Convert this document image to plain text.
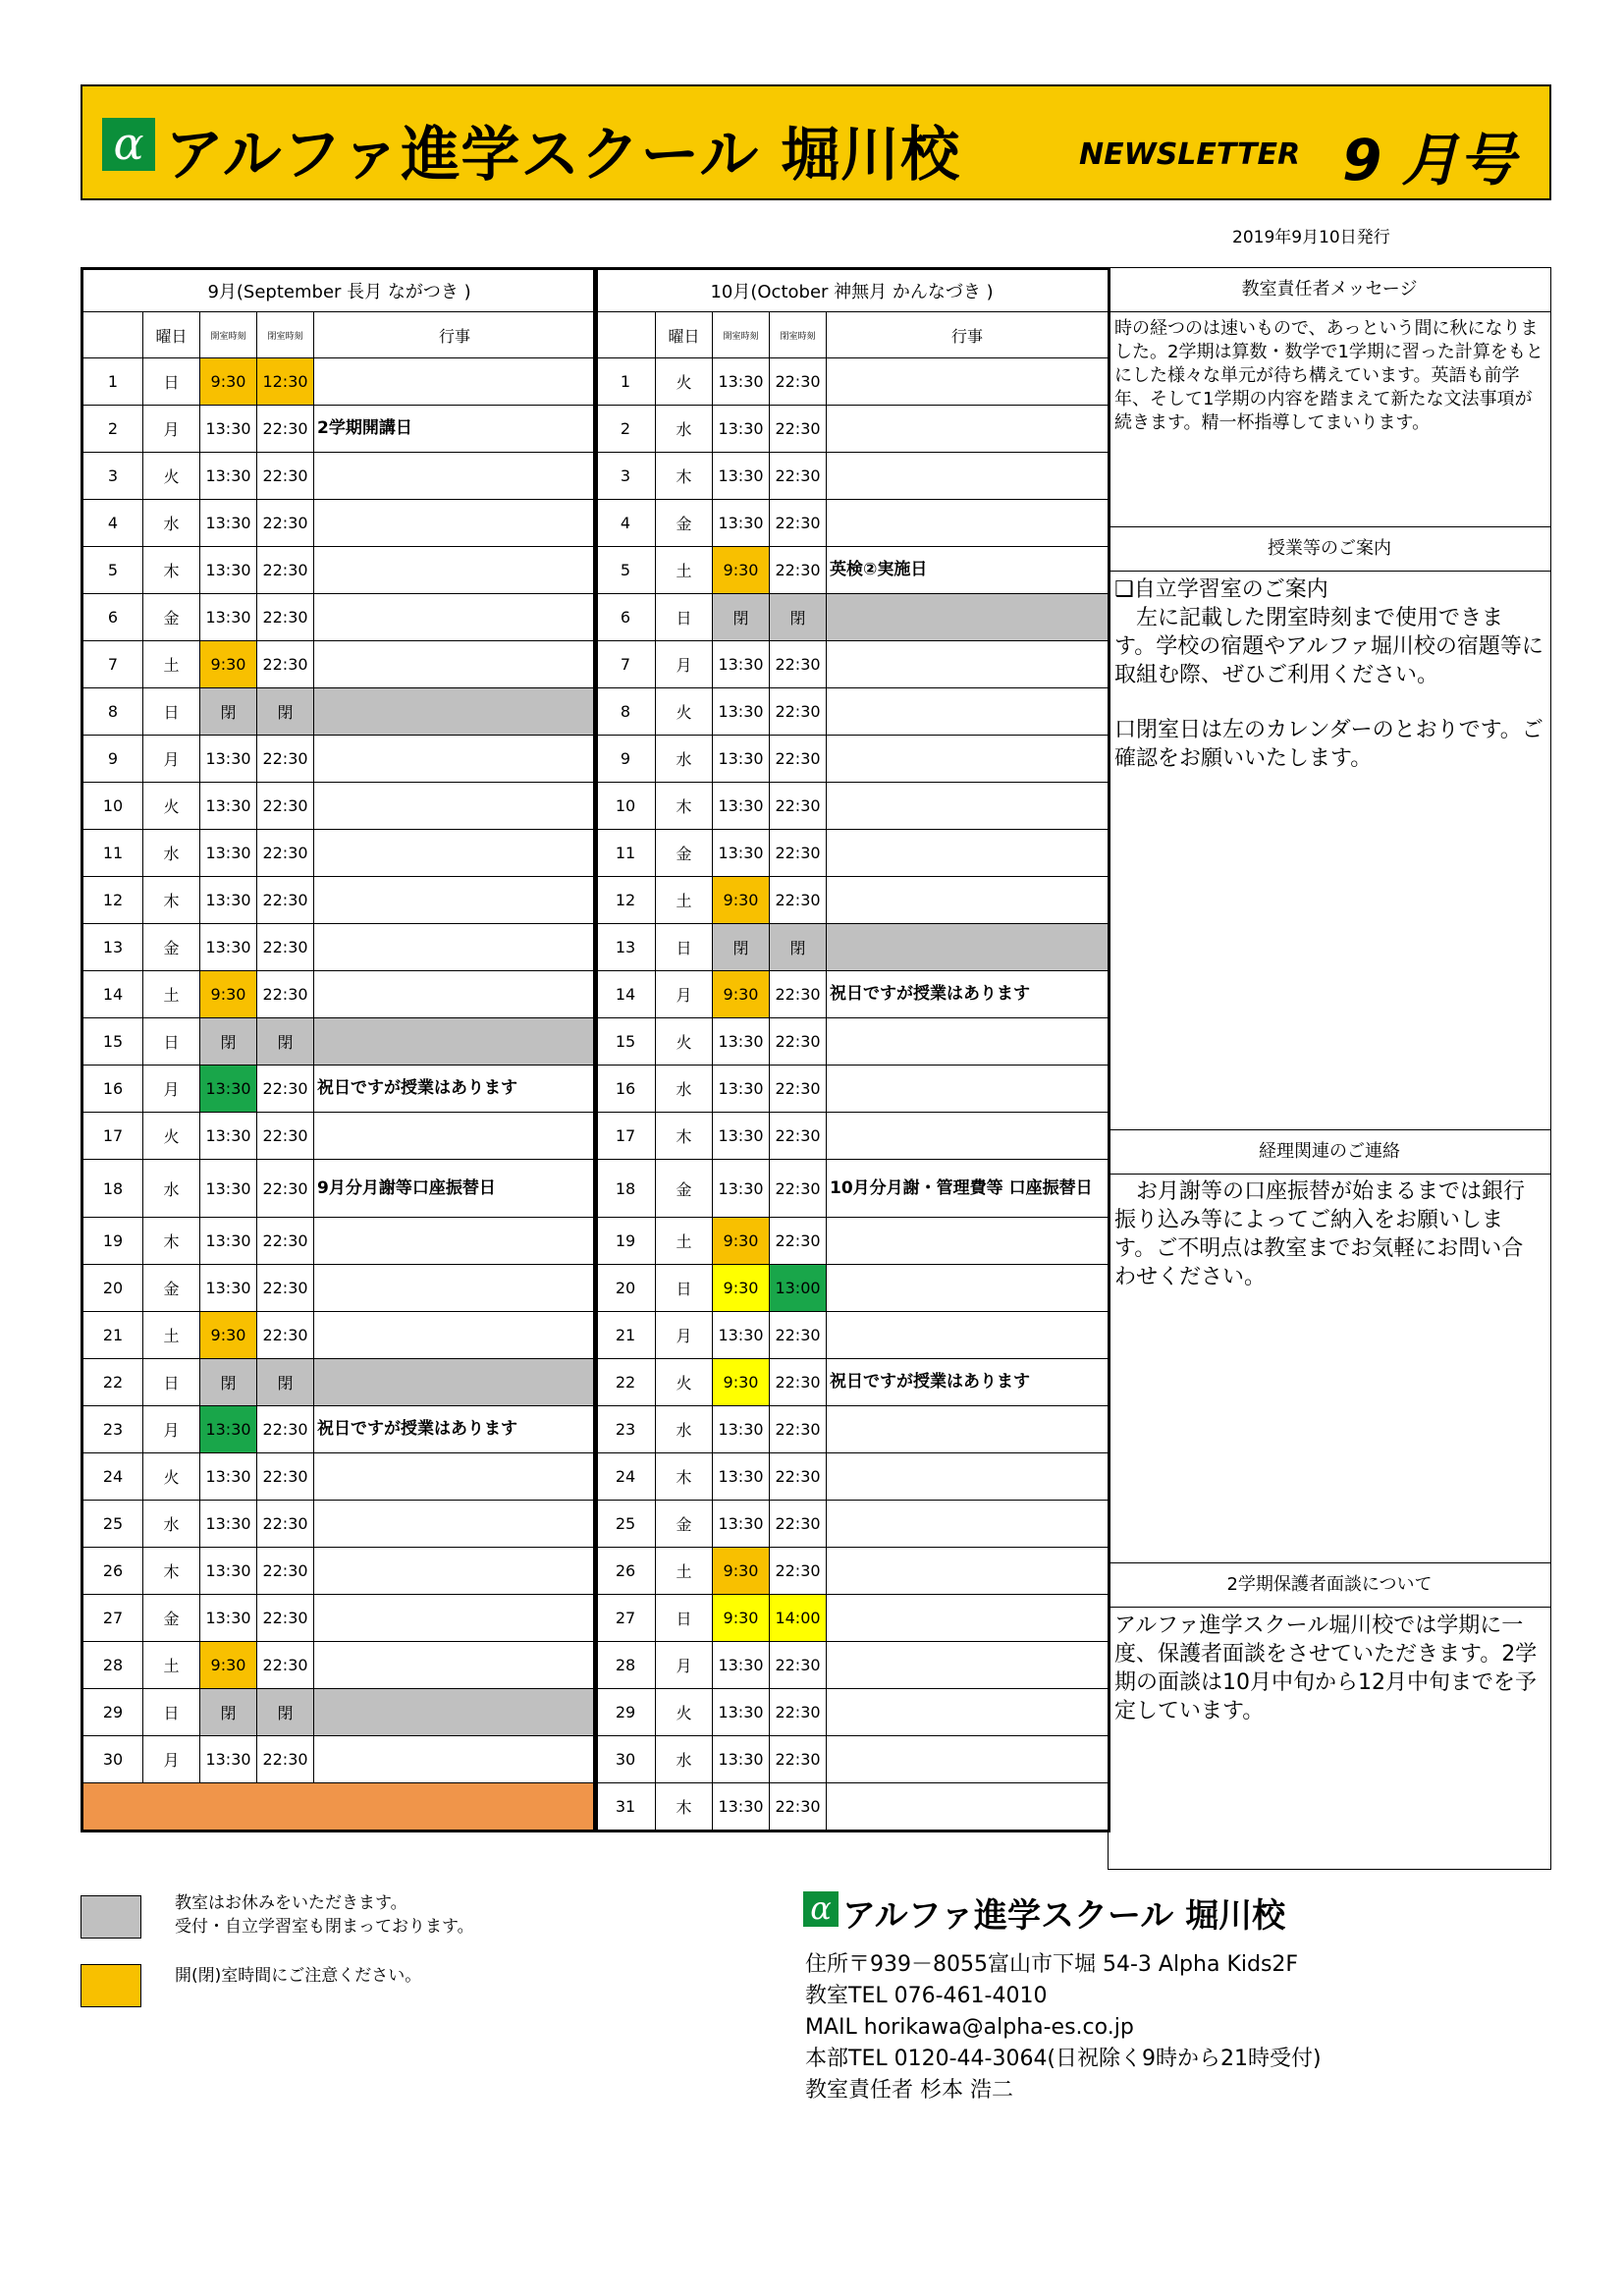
α アルファ進学スクール 堀川校	NEWSLETTER 9 月号
2019年9月10日発行
9月(September 長月 ながつき )				
	曜日	開室時刻	閉室時刻	行事
1	日	9:30	12:30	
2	月	13:30	22:30	2学期開講日
3	火	13:30	22:30	
4	水	13:30	22:30	
5	木	13:30	22:30	
6	金	13:30	22:30	
7	土	9:30	22:30	
8	日	閉	閉	
9	月	13:30	22:30	
10	火	13:30	22:30	
11	水	13:30	22:30	
12	木	13:30	22:30	
13	金	13:30	22:30	
14	土	9:30	22:30	
15	日	閉	閉	
16	月	13:30	22:30	祝日ですが授業はあります
17	火	13:30	22:30	
18	水	13:30	22:30	9月分月謝等口座振替日
19	木	13:30	22:30	
20	金	13:30	22:30	
21	土	9:30	22:30	
22	日	閉	閉	
23	月	13:30	22:30	祝日ですが授業はあります
24	火	13:30	22:30	
25	水	13:30	22:30	
26	木	13:30	22:30	
27	金	13:30	22:30	
28	土	9:30	22:30	
29	日	閉	閉	
30	月	13:30	22:30	

10月(October 神無月 かんなづき )				
	曜日	開室時刻	閉室時刻	行事
1	火	13:30	22:30	
2	水	13:30	22:30	
3	木	13:30	22:30	
4	金	13:30	22:30	
5	土	9:30	22:30	英検②実施日
6	日	閉	閉	
7	月	13:30	22:30	
8	火	13:30	22:30	
9	水	13:30	22:30	
10	木	13:30	22:30	
11	金	13:30	22:30	
12	土	9:30	22:30	
13	日	閉	閉	
14	月	9:30	22:30	祝日ですが授業はあります
15	火	13:30	22:30	
16	水	13:30	22:30	
17	木	13:30	22:30	
18	金	13:30	22:30	10月分月謝・管理費等 口座振替日
19	土	9:30	22:30	
20	日	9:30	13:00	
21	月	13:30	22:30	
22	火	9:30	22:30	祝日ですが授業はあります
23	水	13:30	22:30	
24	木	13:30	22:30	
25	金	13:30	22:30	
26	土	9:30	22:30	
27	日	9:30	14:00	
28	月	13:30	22:30	
29	火	13:30	22:30	
30	水	13:30	22:30	
31	木	13:30	22:30	
教室責任者メッセージ
時の経つのは速いもので、あっという間に秋になりました。2学期は算数・数学で1学期に習った計算をもとにした様々な単元が待ち構えています。英語も前学年、そして1学期の内容を踏まえて新たな文法事項が続きます。精一杯指導してまいります。
授業等のご案内
❑自立学習室のご案内
　左に記載した閉室時刻まで使用できます。学校の宿題やアルファ堀川校の宿題等に取組む際、ぜひご利用ください。
口閉室日は左のカレンダーのとおりです。ご確認をお願いいたします。
経理関連のご連絡
　お月謝等の口座振替が始まるまでは銀行振り込み等によってご納入をお願いします。ご不明点は教室までお気軽にお問い合わせください。
2学期保護者面談について
アルファ進学スクール堀川校では学期に一度、保護者面談をさせていただきます。2学期の面談は10月中旬から12月中旬までを予定しています。
教室はお休みをいただきます。
受付・自立学習室も閉まっております。
開(閉)室時間にご注意ください。
α アルファ進学スクール 堀川校
住所〒939－8055富山市下堀 54-3 Alpha Kids2F
教室TEL 076-461-4010
MAIL horikawa@alpha-es.co.jp
本部TEL 0120-44-3064(日祝除く9時から21時受付)
教室責任者 杉本 浩二
